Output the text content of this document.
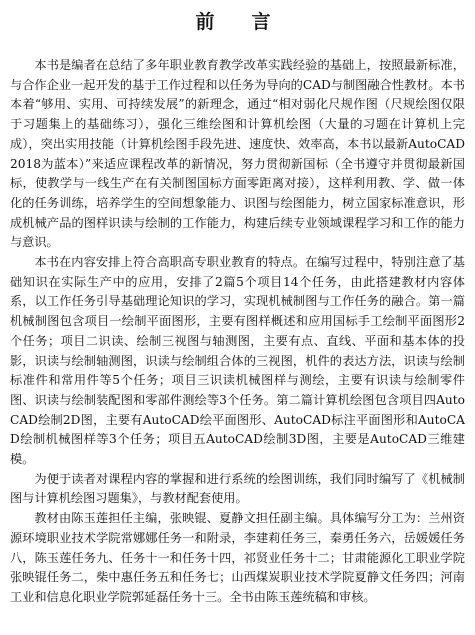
前　言

本书是编者在总结了多年职业教育教学改革实践经验的基础上，按照最新标准，与合作企业一起开发的基于工作过程和以任务为导向的CAD与制图融合性教材。本书本着“够用、实用、可持续发展”的新理念，通过“相对弱化尺规作图（尺规绘图仅限于习题集上的基础练习），强化三维绘图和计算机绘图（大量的习题在计算机上完成），突出实用技能（计算机绘图手段先进、速度快、效率高，本书以最新AutoCAD 2018为蓝本）”来适应课程改革的新情况，努力贯彻新国标（全书遵守并贯彻最新国标，使教学与一线生产在有关制图国标方面零距离对接），这样利用教、学、做一体化的任务训练，培养学生的空间想象能力、识图与绘图能力，树立国家标准意识，形成机械产品的图样识读与绘制的工作能力，构建后续专业领域课程学习和工作的能力与意识。

本书在内容安排上符合高职高专职业教育的特点。在编写过程中，特别注意了基础知识在实际生产中的应用，安排了2篇5个项目14个任务，由此搭建教材内容体系，以工作任务引导基础理论知识的学习，实现机械制图与工作任务的融合。第一篇机械制图包含项目一绘制平面图形，主要有图样概述和应用国标手工绘制平面图形2个任务；项目二识读、绘制三视图与轴测图，主要有点、直线、平面和基本体的投影，识读与绘制轴测图，识读与绘制组合体的三视图，机件的表达方法，识读与绘制标准件和常用件等5个任务；项目三识读机械图样与测绘，主要有识读与绘制零件图、识读与绘制装配图和零部件测绘等3个任务。第二篇计算机绘图包含项目四AutoCAD绘制2D图，主要有AutoCAD绘平面图形、AutoCAD标注平面图形和AutoCAD绘制机械图样等3个任务；项目五AutoCAD绘制3D图，主要是AutoCAD三维建模。

为便于读者对课程内容的掌握和进行系统的绘图训练，我们同时编写了《机械制图与计算机绘图习题集》，与教材配套使用。

教材由陈玉莲担任主编，张映锟、夏静文担任副主编。具体编写分工为：兰州资源环境职业技术学院常娜娜任务一和附录，李建莉任务三，秦勇任务六，岳媛媛任务八，陈玉莲任务九、任务十一和任务十四，祁贤业任务十二；甘肃能源化工职业学院张映锟任务二，柴中惠任务五和任务七；山西煤炭职业技术学院夏静文任务四；河南工业和信息化职业学院郭延磊任务十三。全书由陈玉莲统稿和审核。
